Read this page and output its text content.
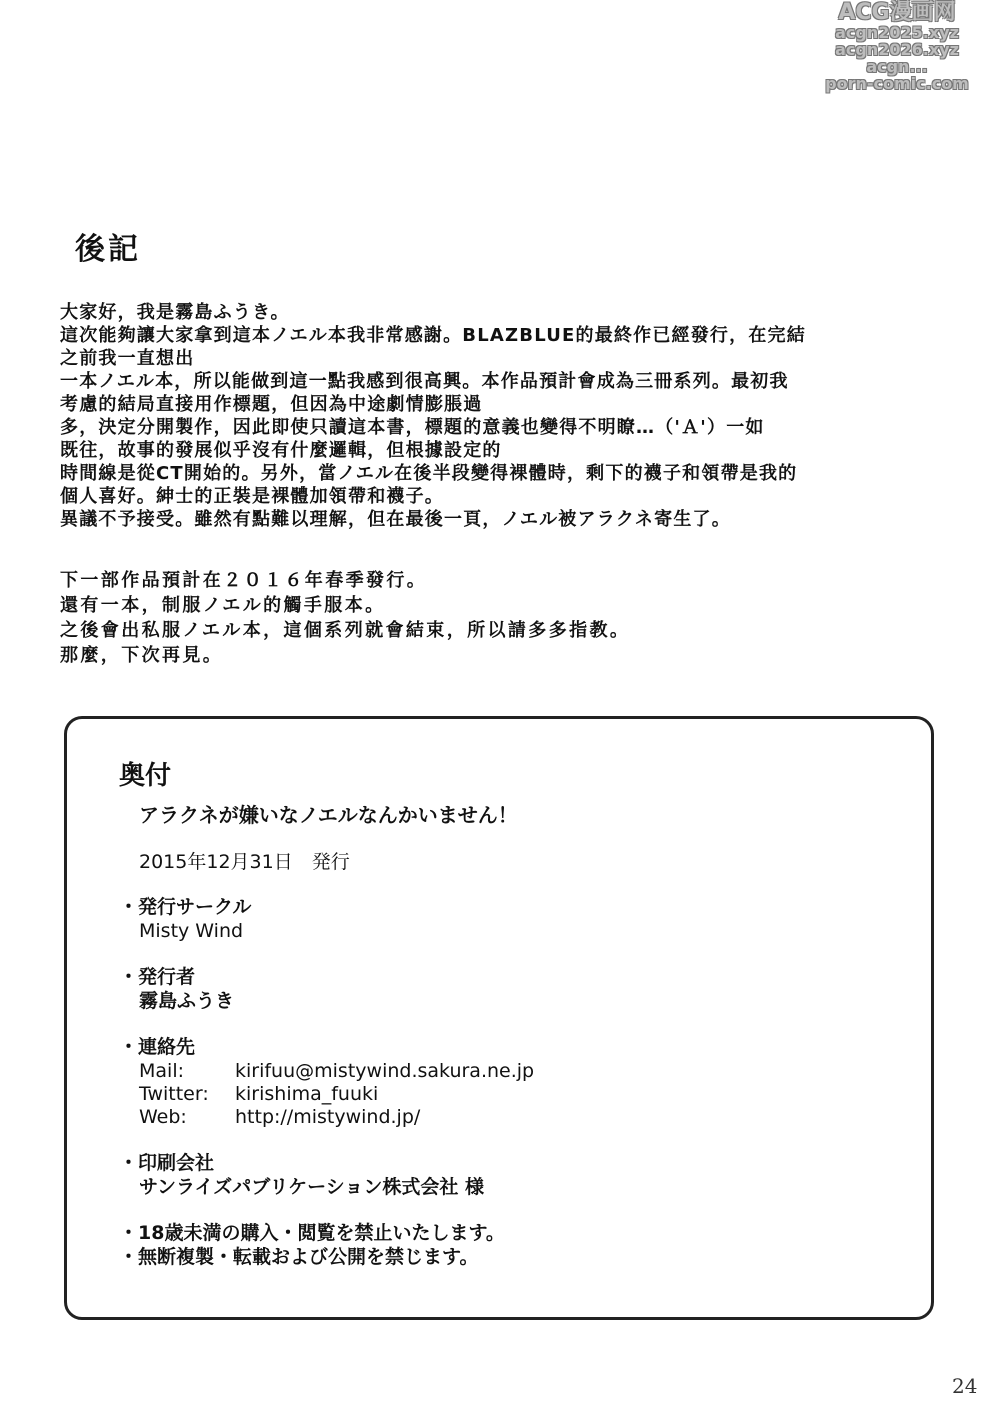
ACG漫画网
acgn2025.xyz
acgn2026.xyz
acgn...
porn-comic.com
後記
大家好，我是霧島ふうき。
這次能夠讓大家拿到這本ノエル本我非常感謝。BLAZBLUE的最終作已經發行，在完結
之前我一直想出
一本ノエル本，所以能做到這一點我感到很高興。本作品預計會成為三冊系列。最初我
考慮的結局直接用作標題，但因為中途劇情膨脹過
多，決定分開製作，因此即使只讀這本書，標題的意義也變得不明瞭…（'Ａ'）一如
既往，故事的發展似乎沒有什麼邏輯，但根據設定的
時間線是從CT開始的。另外，當ノエル在後半段變得裸體時，剩下的襪子和領帶是我的
個人喜好。紳士的正裝是裸體加領帶和襪子。
異議不予接受。雖然有點難以理解，但在最後一頁，ノエル被アラクネ寄生了。
下一部作品預計在２０１６年春季發行。
還有一本，制服ノエル的觸手服本。
之後會出私服ノエル本，這個系列就會結束，所以請多多指教。
那麼，下次再見。
奥付
アラクネが嫌いなノエルなんかいません！
2015年12月31日　発行
・発行サークル
Misty Wind
・発行者
霧島ふうき
・連絡先
Mail:	kirifuu@mistywind.sakura.ne.jp
Twitter: kirishima_fuuki
Web:	http://mistywind.jp/
・印刷会社
サンライズパブリケーション株式会社 様
・18歳未満の購入・閲覧を禁止いたします。
・無断複製・転載および公開を禁じます。
24
